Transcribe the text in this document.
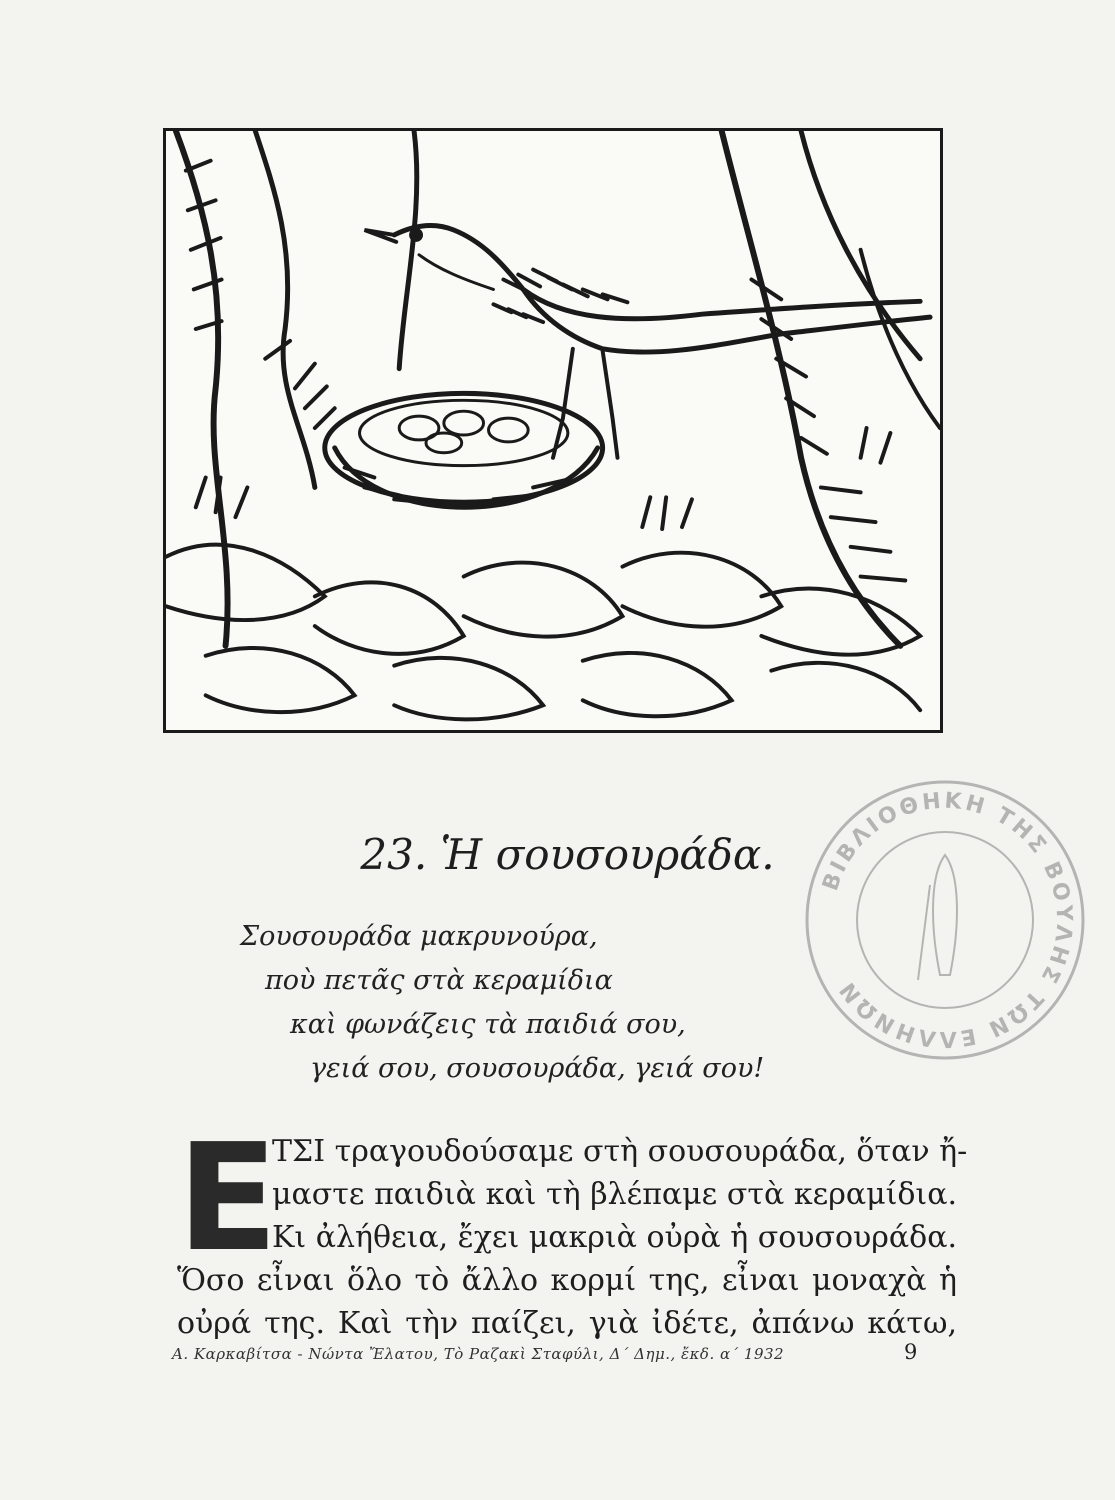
ΒΙΒΛΙΟΘΗΚΗ ΤΗΣ ΒΟΥΛΗΣ ΤΩΝ ΕΛΛΗΝΩΝ
23. Ἡ σουσουράδα.
Σουσουράδα μακρυνούρα,
ποὺ πετᾶς στὰ κεραμίδια
καὶ φωνάζεις τὰ παιδιά σου,
γειά σου, σουσουράδα, γειά σου!
Ε
ΤΣΙ τραγουδούσαμε στὴ σουσουράδα, ὅταν ἤ-
μαστε παιδιὰ καὶ τὴ βλέπαμε στὰ κεραμίδια.
Κι ἀλήθεια, ἔχει μακριὰ οὐρὰ ἡ σουσουράδα.
Ὅσο εἶναι ὅλο τὸ ἄλλο κορμί της, εἶναι μοναχὰ ἡ
οὐρά της. Καὶ τὴν παίζει, γιὰ ἰδέτε, ἀπάνω κάτω,
Α. Καρκαβίτσα - Νώντα Ἔλατου, Τὸ Ραζακὶ Σταφύλι, Δ΄ Δημ., ἔκδ. α΄ 1932	9
